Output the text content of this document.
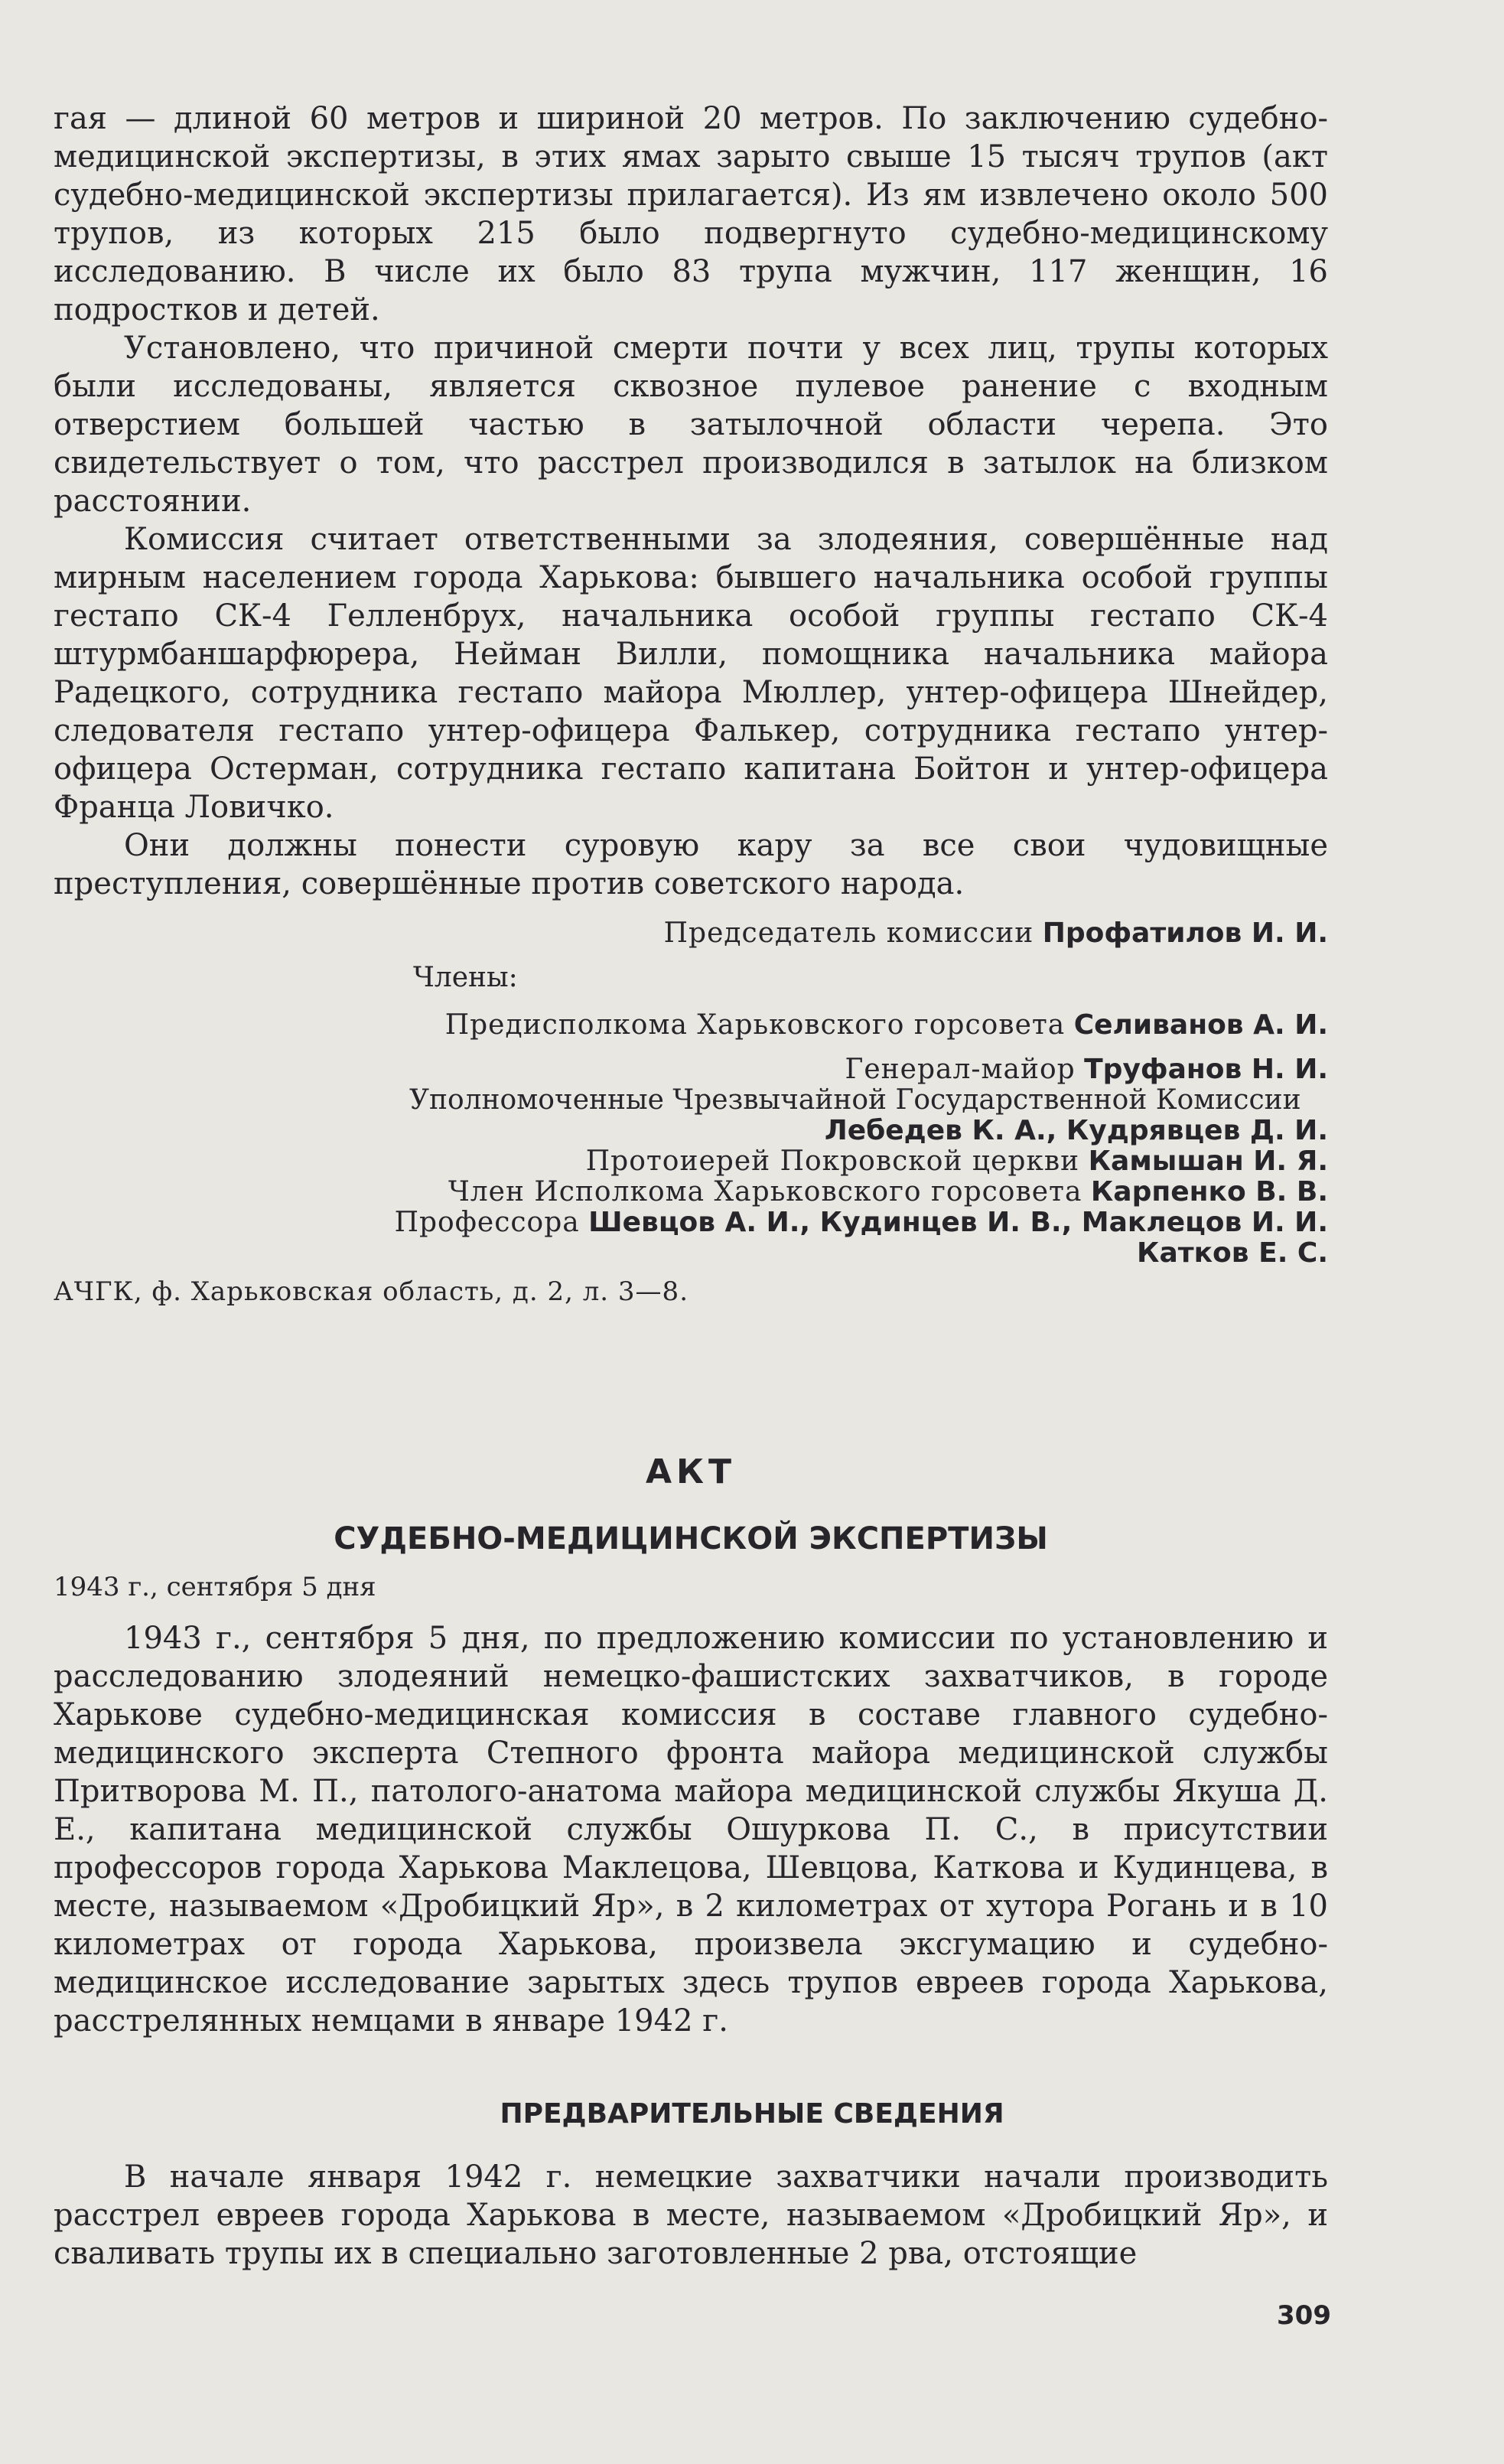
гая — длиной 60 метров и шириной 20 метров. По заключению судебно-медицинской экспертизы, в этих ямах зарыто свыше 15 тысяч трупов (акт судебно-медицинской экспертизы прилагается). Из ям извлечено около 500 трупов, из которых 215 было подвергнуто судебно-медицинскому исследованию. В числе их было 83 трупа мужчин, 117 женщин, 16 подростков и детей.

Установлено, что причиной смерти почти у всех лиц, трупы которых были исследованы, является сквозное пулевое ранение с входным отверстием большей частью в затылочной области черепа. Это свидетельствует о том, что расстрел производился в затылок на близком расстоянии.

Комиссия считает ответственными за злодеяния, совершённые над мирным населением города Харькова: бывшего начальника особой группы гестапо СК-4 Гелленбрух, начальника особой группы гестапо СК-4 штурмбаншарфюрера, Нейман Вилли, помощника начальника майора Радецкого, сотрудника гестапо майора Мюллер, унтер-офицера Шнейдер, следователя гестапо унтер-офицера Фалькер, сотрудника гестапо унтер-офицера Остерман, сотрудника гестапо капитана Бойтон и унтер-офицера Франца Ловичко.

Они должны понести суровую кару за все свои чудовищные преступления, совершённые против советского народа.

Председатель комиссии Профатилов И. И.

Члены:

Предисполкома Харьковского горсовета Селиванов А. И.

Генерал-майор Труфанов Н. И.

Уполномоченные Чрезвычайной Государственной Комиссии

Лебедев К. А., Кудрявцев Д. И.

Протоиерей Покровской церкви Камышан И. Я.

Член Исполкома Харьковского горсовета Карпенко В. В.

Профессора Шевцов А. И., Кудинцев И. В., Маклецов И. И.

Катков Е. С.

АЧГК, ф. Харьковская область, д. 2, л. 3—8.

АКТ

СУДЕБНО-МЕДИЦИНСКОЙ ЭКСПЕРТИЗЫ

1943 г., сентября 5 дня

1943 г., сентября 5 дня, по предложению комиссии по установлению и расследованию злодеяний немецко-фашистских захватчиков, в городе Харькове судебно-медицинская комиссия в составе главного судебно-медицинского эксперта Степного фронта майора медицинской службы Притворова М. П., патолого-анатома майора медицинской службы Якуша Д. Е., капитана медицинской службы Ошуркова П. С., в присутствии профессоров города Харькова Маклецова, Шевцова, Каткова и Кудинцева, в месте, называемом «Дробицкий Яр», в 2 километрах от хутора Рогань и в 10 километрах от города Харькова, произвела эксгумацию и судебно-медицинское исследование зарытых здесь трупов евреев города Харькова, расстрелянных немцами в январе 1942 г.

ПРЕДВАРИТЕЛЬНЫЕ СВЕДЕНИЯ

В начале января 1942 г. немецкие захватчики начали производить расстрел евреев города Харькова в месте, называемом «Дробицкий Яр», и сваливать трупы их в специально заготовленные 2 рва, отстоящие

309
